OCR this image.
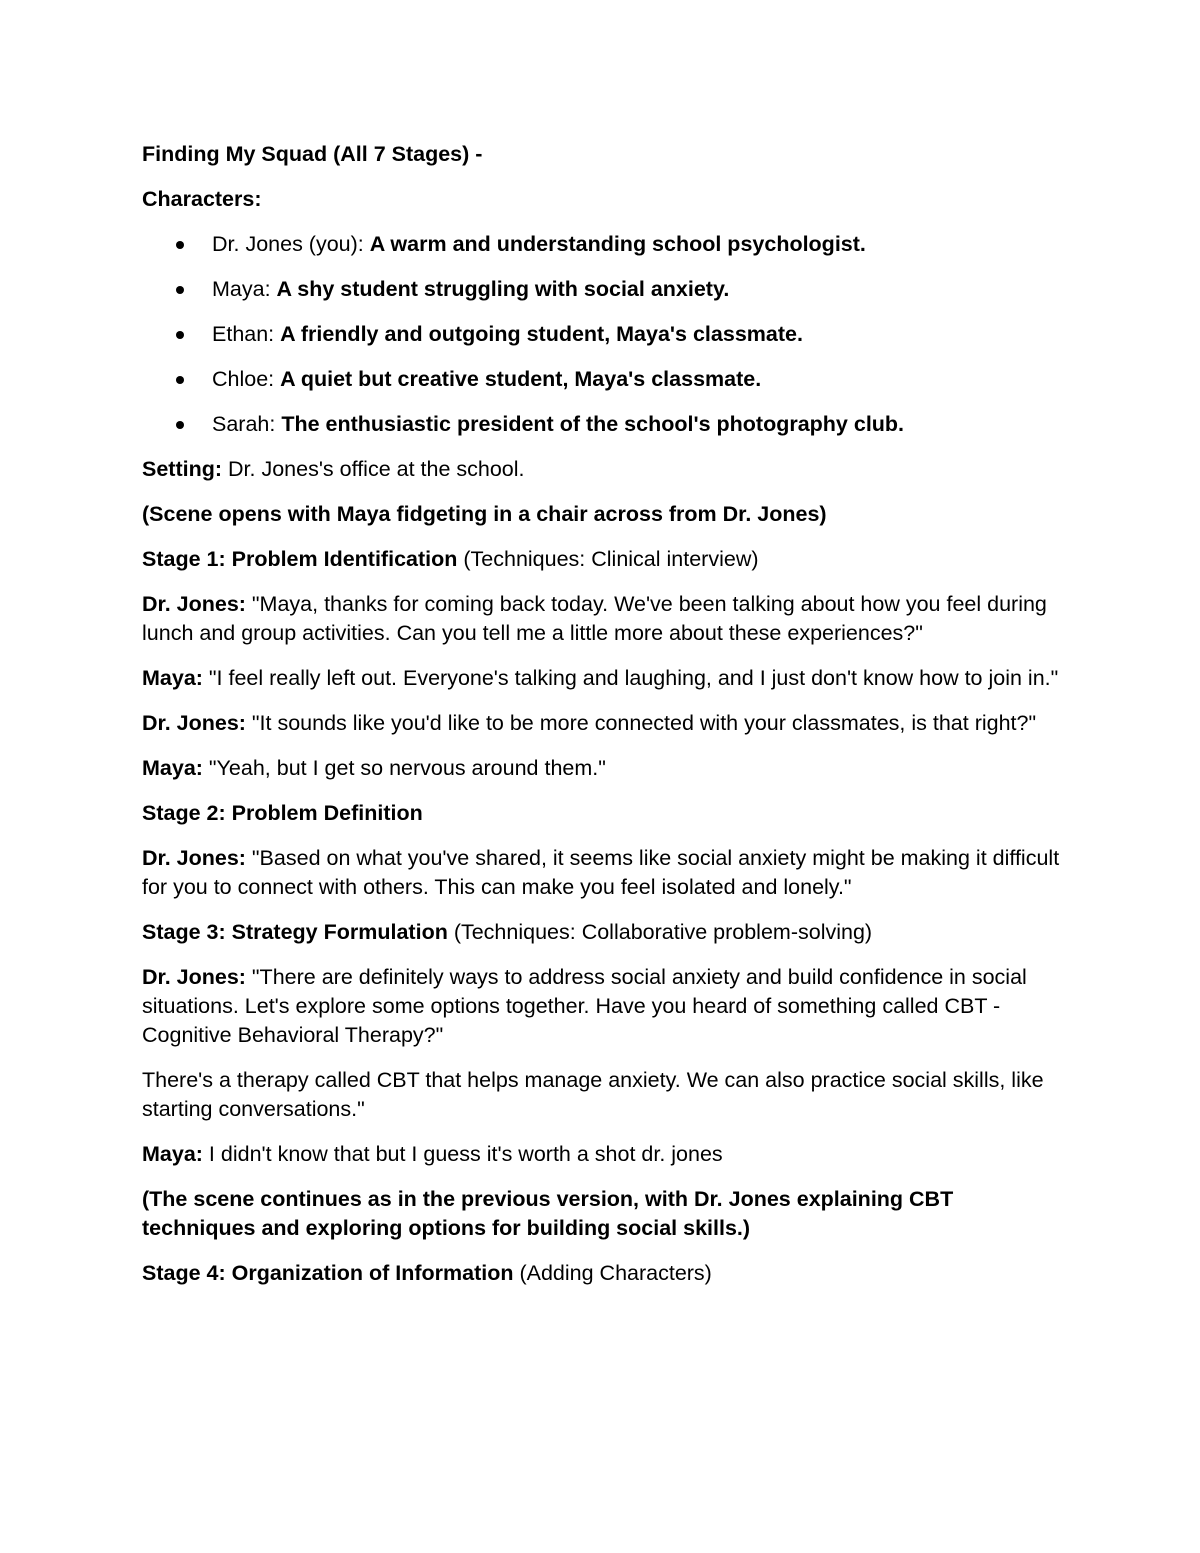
Finding My Squad (All 7 Stages) -

Characters:

Dr. Jones (you): A warm and understanding school psychologist.
Maya: A shy student struggling with social anxiety.
Ethan: A friendly and outgoing student, Maya's classmate.
Chloe: A quiet but creative student, Maya's classmate.
Sarah: The enthusiastic president of the school's photography club.

Setting: Dr. Jones's office at the school.

(Scene opens with Maya fidgeting in a chair across from Dr. Jones)

Stage 1: Problem Identification (Techniques: Clinical interview)

Dr. Jones: "Maya, thanks for coming back today. We've been talking about how you feel during lunch and group activities. Can you tell me a little more about these experiences?"

Maya: "I feel really left out. Everyone's talking and laughing, and I just don't know how to join in."

Dr. Jones: "It sounds like you'd like to be more connected with your classmates, is that right?"

Maya: "Yeah, but I get so nervous around them."

Stage 2: Problem Definition

Dr. Jones: "Based on what you've shared, it seems like social anxiety might be making it difficult for you to connect with others. This can make you feel isolated and lonely."

Stage 3: Strategy Formulation (Techniques: Collaborative problem-solving)

Dr. Jones: "There are definitely ways to address social anxiety and build confidence in social situations. Let's explore some options together. Have you heard of something called CBT - Cognitive Behavioral Therapy?"

There's a therapy called CBT that helps manage anxiety. We can also practice social skills, like starting conversations."

Maya: I didn't know that but I guess it's worth a shot dr. jones

(The scene continues as in the previous version, with Dr. Jones explaining CBT techniques and exploring options for building social skills.)

Stage 4: Organization of Information (Adding Characters)
